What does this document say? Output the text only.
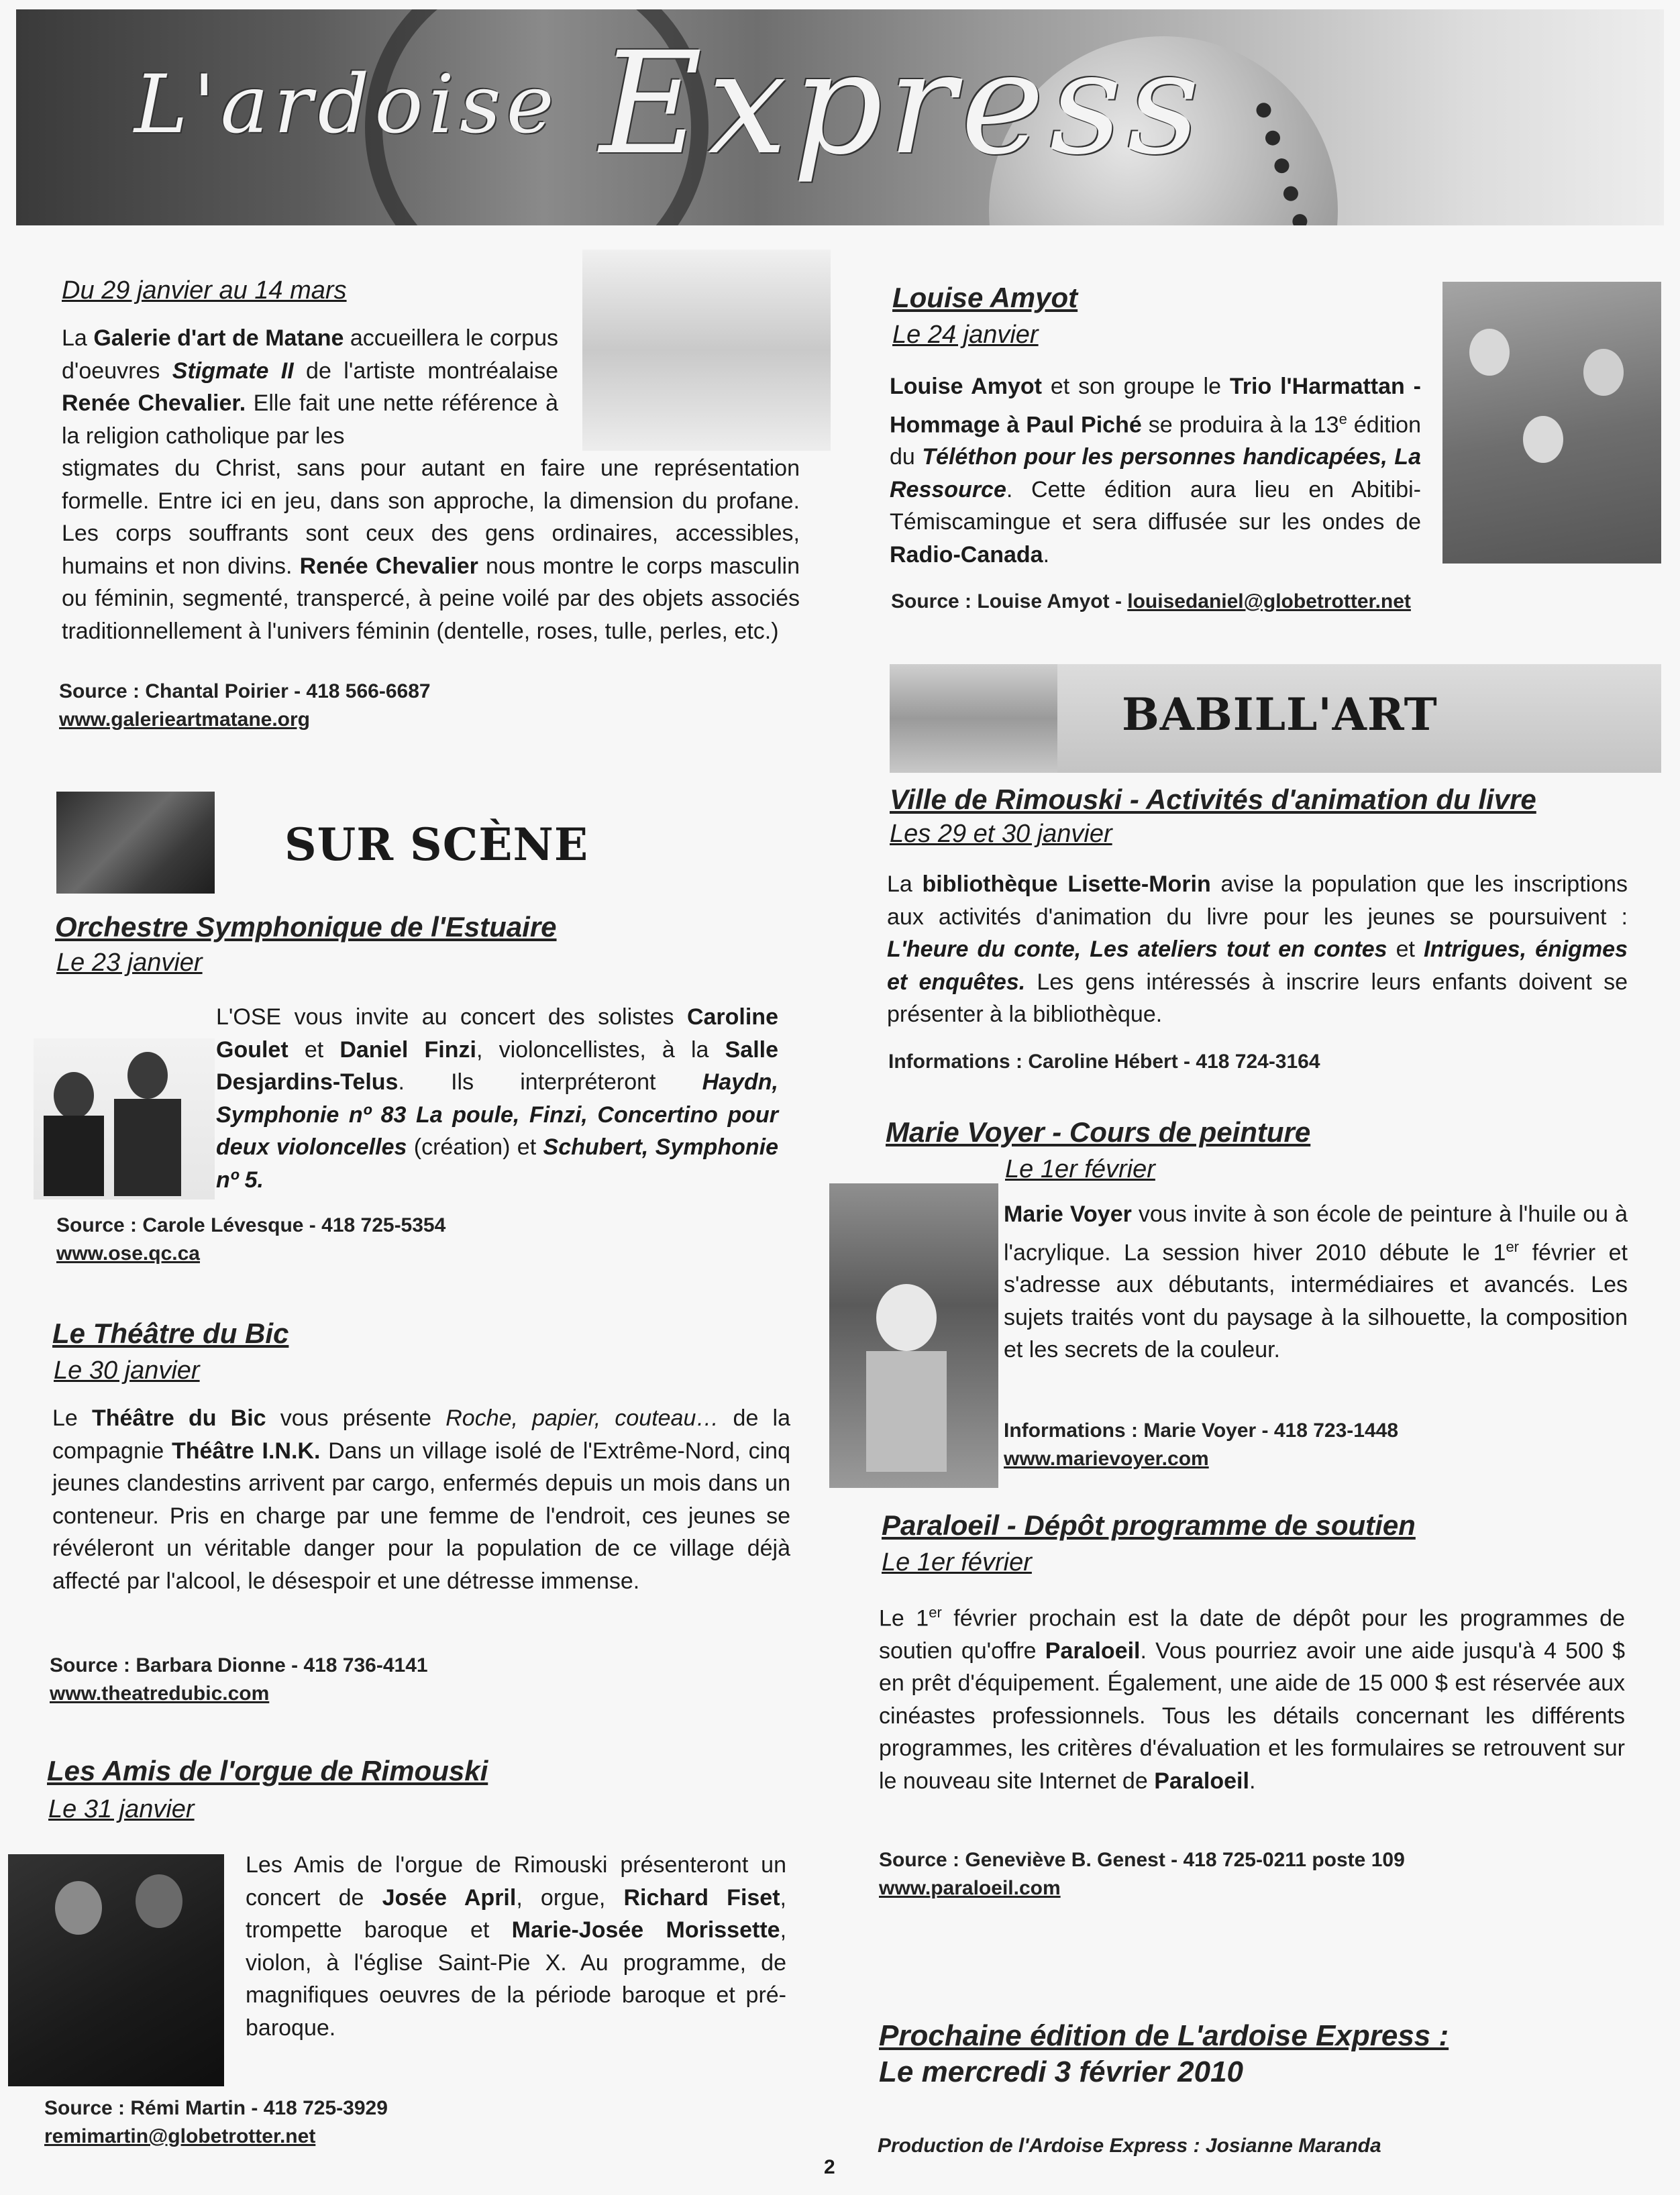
L'ardoise Express
Du 29 janvier au 14 mars
La Galerie d'art de Matane accueillera le corpus d'oeuvres Stigmate II de l'artiste montréalaise Renée Chevalier. Elle fait une nette référence à la religion catholique par les
stigmates du Christ, sans pour autant en faire une représentation formelle. Entre ici en jeu, dans son approche, la dimension du profane. Les corps souffrants sont ceux des gens ordinaires, accessibles, humains et non divins. Renée Chevalier nous montre le corps masculin ou féminin, segmenté, transpercé, à peine voilé par des objets associés traditionnellement à l'univers féminin (dentelle, roses, tulle, perles, etc.)
Source : Chantal Poirier - 418 566-6687
www.galerieartmatane.org
SUR SCÈNE
Orchestre Symphonique de l'Estuaire
Le 23 janvier
L'OSE vous invite au concert des solistes Caroline Goulet et Daniel Finzi, violoncellistes, à la Salle Desjardins-Telus. Ils interpréteront Haydn, Symphonie nº 83 La poule, Finzi, Concertino pour deux violoncelles (création) et Schubert, Symphonie nº 5.
Source : Carole Lévesque - 418 725-5354
www.ose.qc.ca
Le Théâtre du Bic
Le 30 janvier
Le Théâtre du Bic vous présente Roche, papier, couteau… de la compagnie Théâtre I.N.K. Dans un village isolé de l'Extrême-Nord, cinq jeunes clandestins arrivent par cargo, enfermés depuis un mois dans un conteneur. Pris en charge par une femme de l'endroit, ces jeunes se révéleront un véritable danger pour la population de ce village déjà affecté par l'alcool, le désespoir et une détresse immense.
Source : Barbara Dionne - 418 736-4141
www.theatredubic.com
Les Amis de l'orgue de Rimouski
Le 31 janvier
Les Amis de l'orgue de Rimouski présenteront un concert de Josée April, orgue, Richard Fiset, trompette baroque et Marie-Josée Morissette, violon, à l'église Saint-Pie X. Au programme, de magnifiques oeuvres de la période baroque et pré-baroque.
Source : Rémi Martin - 418 725-3929
remimartin@globetrotter.net
Louise Amyot
Le 24 janvier
Louise Amyot et son groupe le Trio l'Harmattan - Hommage à Paul Piché se produira à la 13e édition du Téléthon pour les personnes handicapées, La Ressource. Cette édition aura lieu en Abitibi-Témiscamingue et sera diffusée sur les ondes de Radio-Canada.
Source : Louise Amyot - louisedaniel@globetrotter.net
BABILL'ART
Ville de Rimouski - Activités d'animation du livre
Les 29 et 30 janvier
La bibliothèque Lisette-Morin avise la population que les inscriptions aux activités d'animation du livre pour les jeunes se poursuivent : L'heure du conte, Les ateliers tout en contes et Intrigues, énigmes et enquêtes. Les gens intéressés à inscrire leurs enfants doivent se présenter à la bibliothèque.
Informations : Caroline Hébert - 418 724-3164
Marie Voyer - Cours de peinture
Le 1er février
Marie Voyer vous invite à son école de peinture à l'huile ou à l'acrylique. La session hiver 2010 débute le 1er février et s'adresse aux débutants, intermédiaires et avancés. Les sujets traités vont du paysage à la silhouette, la composition et les secrets de la couleur.
Informations : Marie Voyer - 418 723-1448
www.marievoyer.com
Paraloeil - Dépôt programme de soutien
Le 1er février
Le 1er février prochain est la date de dépôt pour les programmes de soutien qu'offre Paraloeil. Vous pourriez avoir une aide jusqu'à 4 500 $ en prêt d'équipement. Également, une aide de 15 000 $ est réservée aux cinéastes professionnels. Tous les détails concernant les différents programmes, les critères d'évaluation et les formulaires se retrouvent sur le nouveau site Internet de Paraloeil.
Source : Geneviève B. Genest - 418 725-0211 poste 109
www.paraloeil.com
Prochaine édition de L'ardoise Express :
Le mercredi 3 février 2010
Production de l'Ardoise Express : Josianne Maranda
2
